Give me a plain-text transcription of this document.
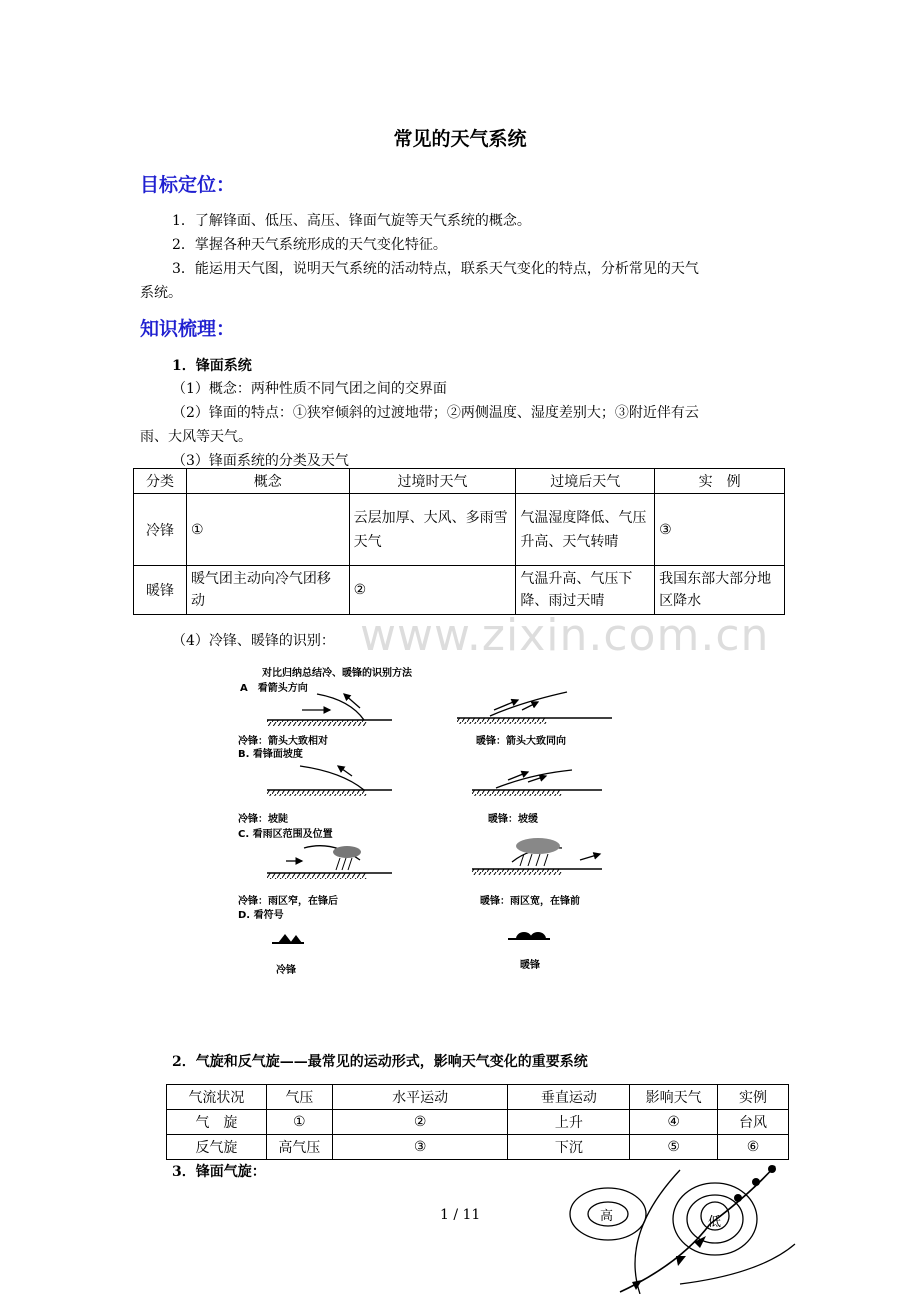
www.zixin.com.cn
常见的天气系统
目标定位：
1．了解锋面、低压、高压、锋面气旋等天气系统的概念。
2．掌握各种天气系统形成的天气变化特征。
3．能运用天气图，说明天气系统的活动特点，联系天气变化的特点，分析常见的天气
系统。
知识梳理：
1．锋面系统
（1）概念：两种性质不同气团之间的交界面
（2）锋面的特点：①狭窄倾斜的过渡地带；②两侧温度、湿度差别大；③附近伴有云
雨、大风等天气。
（3）锋面系统的分类及天气
分类	概念	过境时天气	过境后天气	实　例
冷锋	①	云层加厚、大风、多雨雪天气	气温湿度降低、气压升高、天气转晴	③
暖锋	暖气团主动向冷气团移动	②	气温升高、气压下降、雨过天晴	我国东部大部分地区降水
（4）冷锋、暖锋的识别：
对比归纳总结冷、暖锋的识别方法
A　看箭头方向
冷锋：箭头大致相对	暖锋：箭头大致同向
B. 看锋面坡度
冷锋：坡陡	暖锋：坡缓
C. 看雨区范围及位置
冷锋：雨区窄，在锋后	暖锋：雨区宽，在锋前
D. 看符号
冷锋	暖锋
2．气旋和反气旋——最常见的运动形式，影响天气变化的重要系统
气流状况	气压	水平运动	垂直运动	影响天气	实例
气　旋	①	②	上升	④	台风
反气旋	高气压	③	下沉	⑤	⑥
3．锋面气旋：
高	低
1 / 11
